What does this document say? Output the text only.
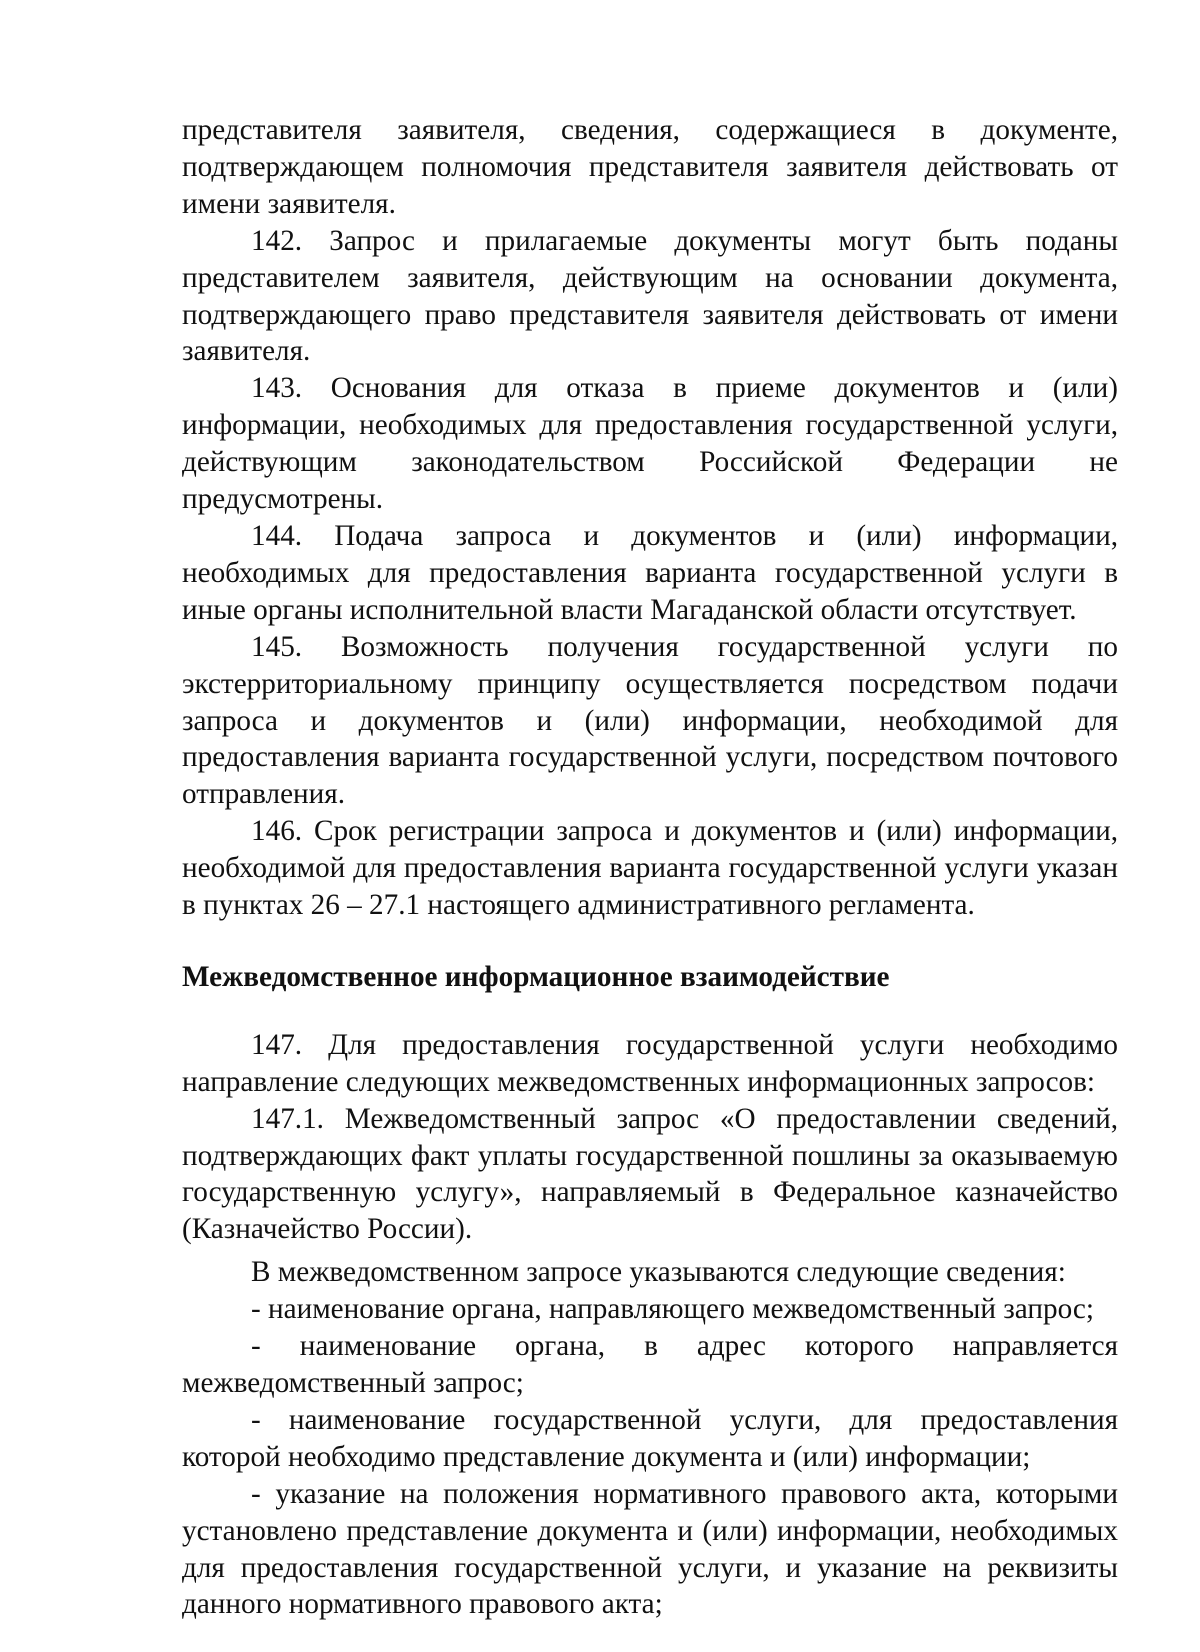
представителя заявителя, сведения, содержащиеся в документе, подтверждающем полномочия представителя заявителя действовать от имени заявителя.

142. Запрос и прилагаемые документы могут быть поданы представителем заявителя, действующим на основании документа, подтверждающего право представителя заявителя действовать от имени заявителя.

143. Основания для отказа в приеме документов и (или) информации, необходимых для предоставления государственной услуги, действующим законодательством Российской Федерации не предусмотрены.

144. Подача запроса и документов и (или) информации, необходимых для предоставления варианта государственной услуги в иные органы исполнительной власти Магаданской области отсутствует.

145. Возможность получения государственной услуги по экстерриториальному принципу осуществляется посредством подачи запроса и документов и (или) информации, необходимой для предоставления варианта государственной услуги, посредством почтового отправления.

146. Срок регистрации запроса и документов и (или) информации, необходимой для предоставления варианта государственной услуги указан в пунктах 26 – 27.1 настоящего административного регламента.

Межведомственное информационное взаимодействие

147. Для предоставления государственной услуги необходимо направление следующих межведомственных информационных запросов:

147.1. Межведомственный запрос «О предоставлении сведений, подтверждающих факт уплаты государственной пошлины за оказываемую государственную услугу», направляемый в Федеральное казначейство (Казначейство России).

В межведомственном запросе указываются следующие сведения:

- наименование органа, направляющего межведомственный запрос;

- наименование органа, в адрес которого направляется межведомственный запрос;

- наименование государственной услуги, для предоставления которой необходимо представление документа и (или) информации;

- указание на положения нормативного правового акта, которыми установлено представление документа и (или) информации, необходимых для предоставления государственной услуги, и указание на реквизиты данного нормативного правового акта;
